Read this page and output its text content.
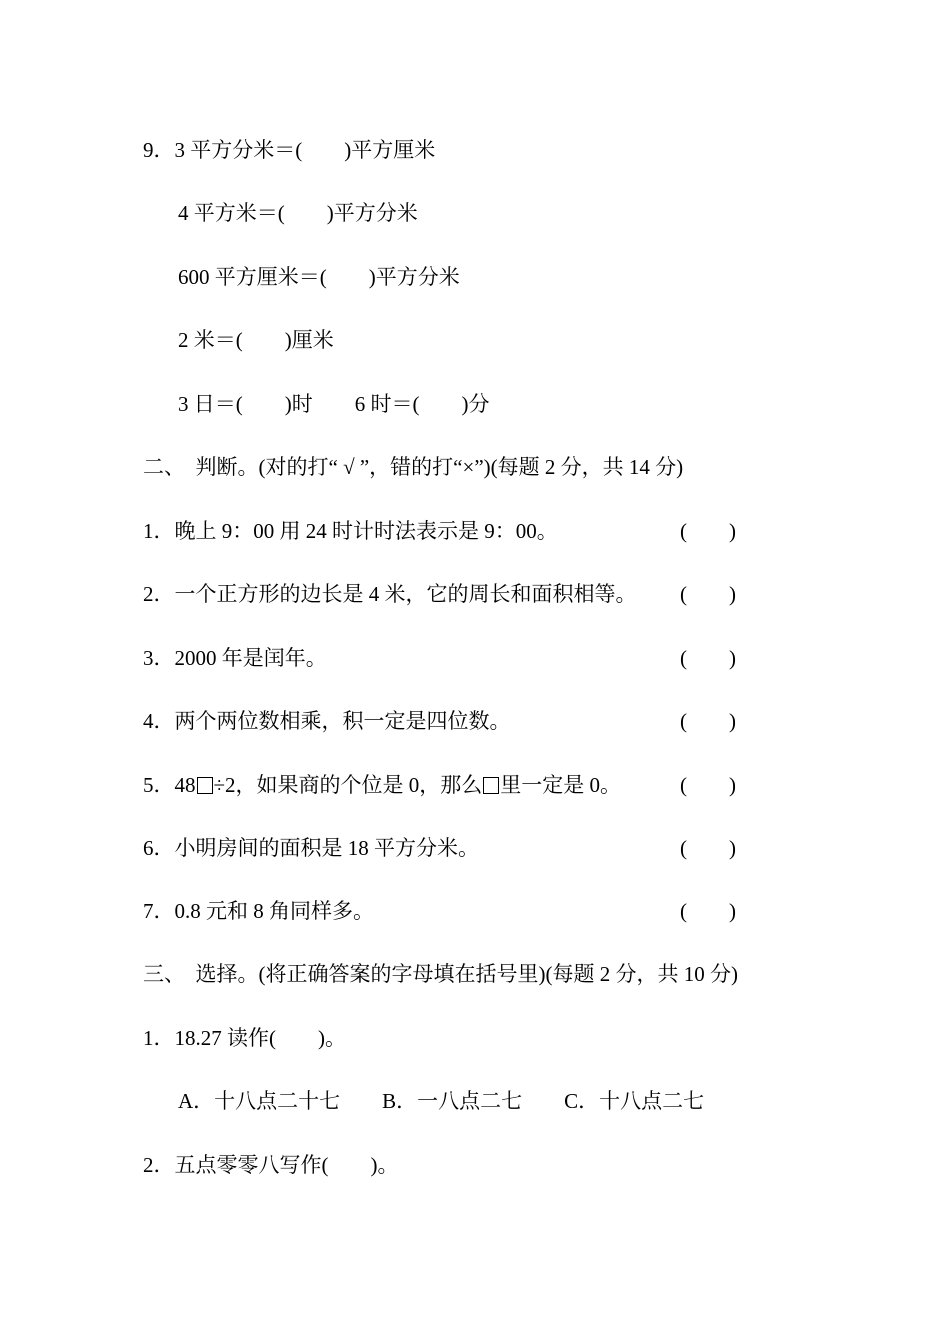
9．3 平方分米＝(　　)平方厘米
4 平方米＝(　　)平方分米
600 平方厘米＝(　　)平方分米
2 米＝(　　)厘米
3 日＝(　　)时　　6 时＝(　　)分
二、　判断。(对的打“ √ ”，错的打“×”)(每题 2 分，共 14 分)
1．晚上 9：00 用 24 时计时法表示是 9：00。	(　　)
2．一个正方形的边长是 4 米，它的周长和面积相等。 (　　)
3．2000 年是闰年。	(　　)
4．两个两位数相乘，积一定是四位数。	(　　)
5．48 ÷2，如果商的个位是 0，那么 里一定是 0。	(　　)
6．小明房间的面积是 18 平方分米。	(　　)
7．0.8 元和 8 角同样多。	(　　)
三、　选择。(将正确答案的字母填在括号里)(每题 2 分，共 10 分)
1．18.27 读作(　　)。
A．十八点二十七　　B．一八点二七　　C．十八点二七
2．五点零零八写作(　　)。
